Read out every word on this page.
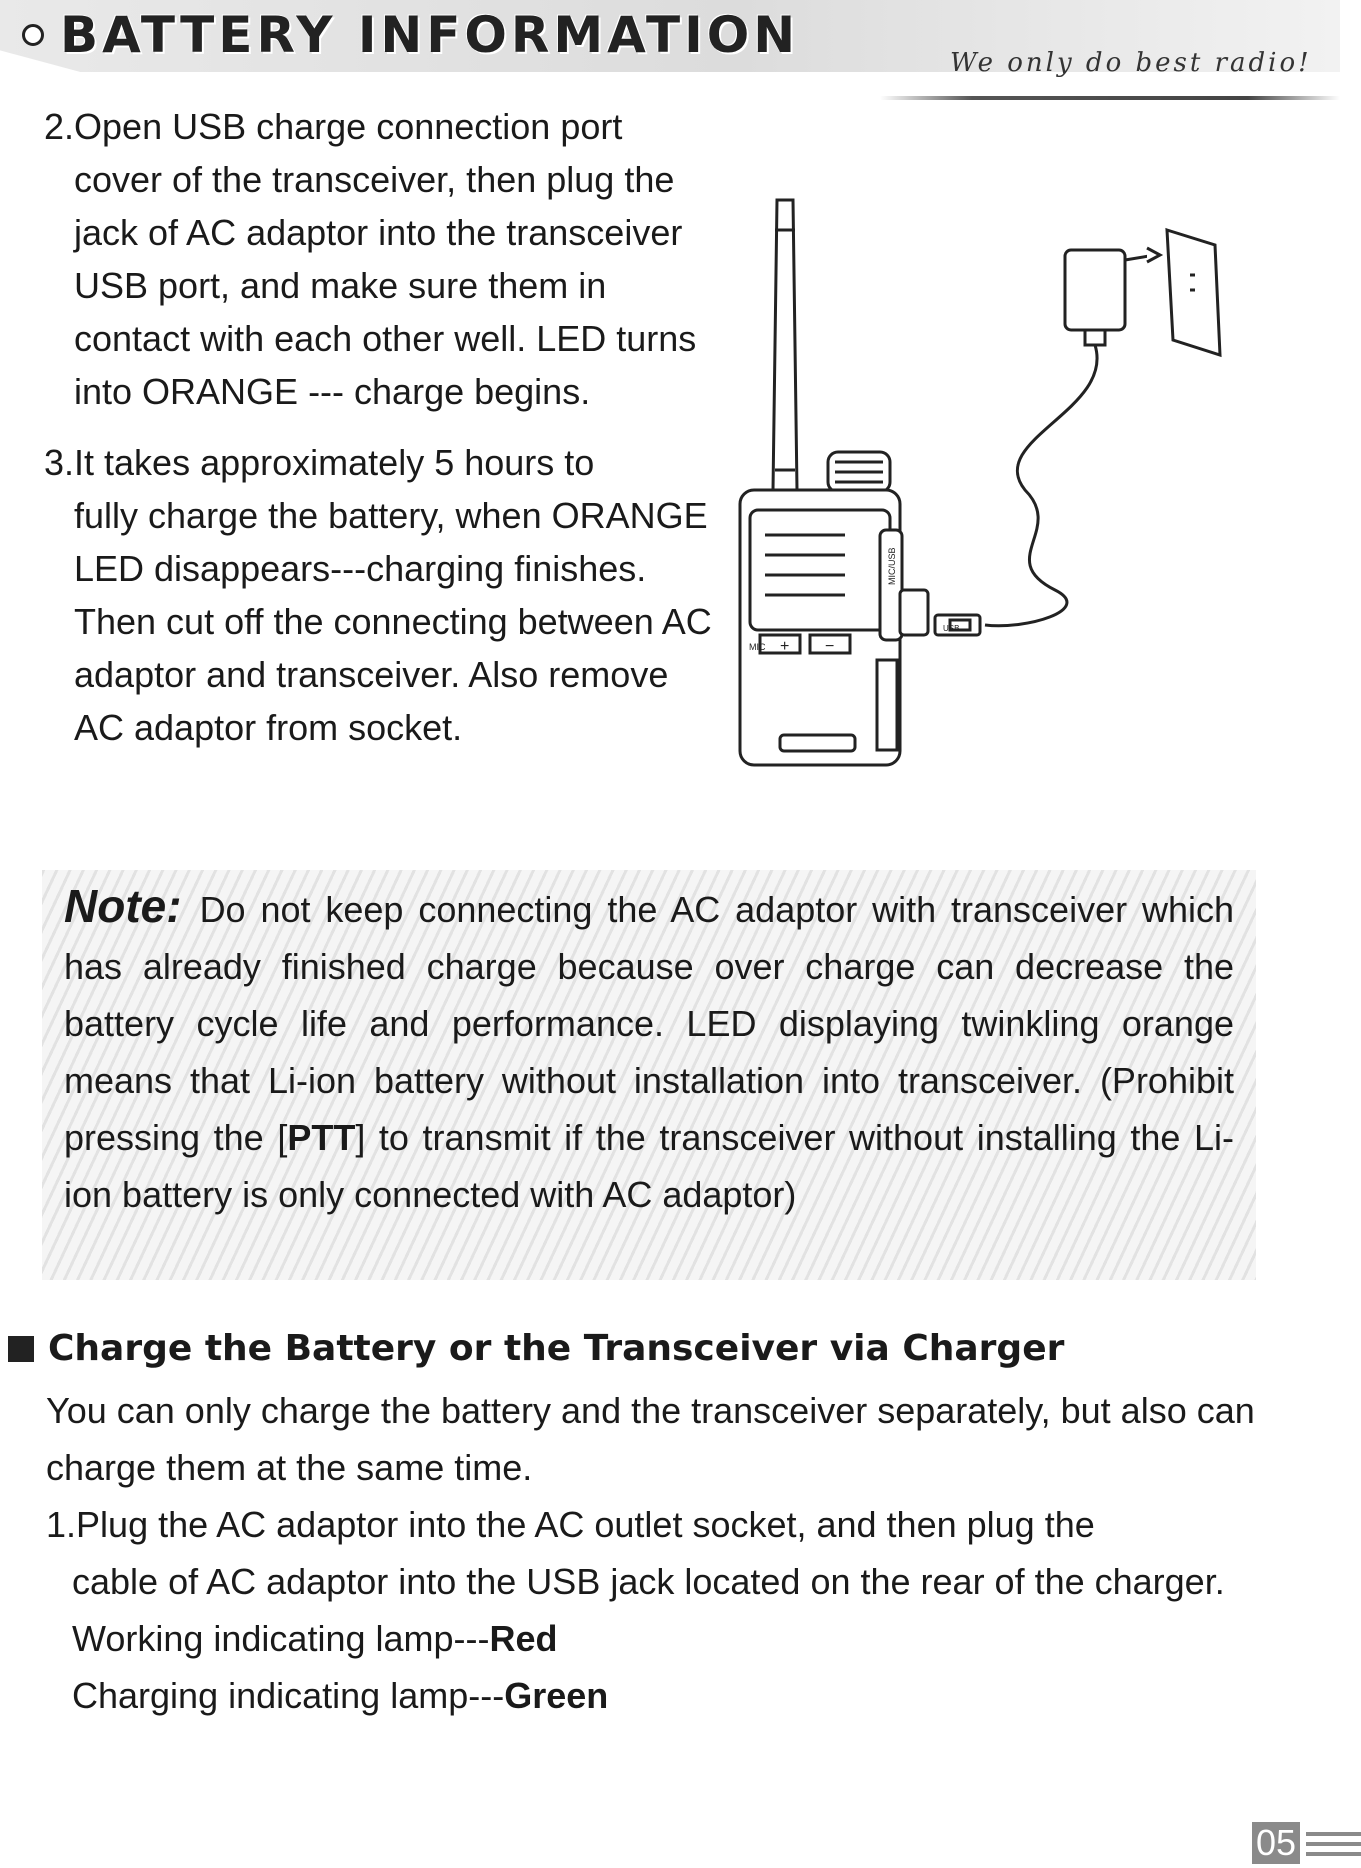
BATTERY INFORMATION	We only do best radio!
2.Open USB charge connection port
cover of the transceiver, then plug the jack of AC adaptor into the transceiver USB port, and make sure them in contact with each other well. LED turns into ORANGE --- charge begins.
3.It takes approximately 5 hours to
fully charge the battery, when ORANGE LED disappears---charging finishes. Then cut off the connecting between AC adaptor and transceiver. Also remove AC adaptor from socket.
+ −
MIC
MIC/USB
USB
Note: Do not keep connecting the AC adaptor with transceiver which has already finished charge because over charge can decrease the battery cycle life and performance. LED displaying twinkling orange means that Li-ion battery without installation into transceiver. (Prohibit pressing the [PTT] to transmit if the transceiver without installing the Li-ion battery is only connected with AC adaptor)
Charge the Battery or the Transceiver via Charger

You can only charge the battery and the transceiver separately, but also can charge them at the same time.

1.Plug the AC adaptor into the AC outlet socket, and then plug the

cable of AC adaptor into the USB jack located on the rear of the charger.

Working indicating lamp---Red

Charging indicating lamp---Green

05
